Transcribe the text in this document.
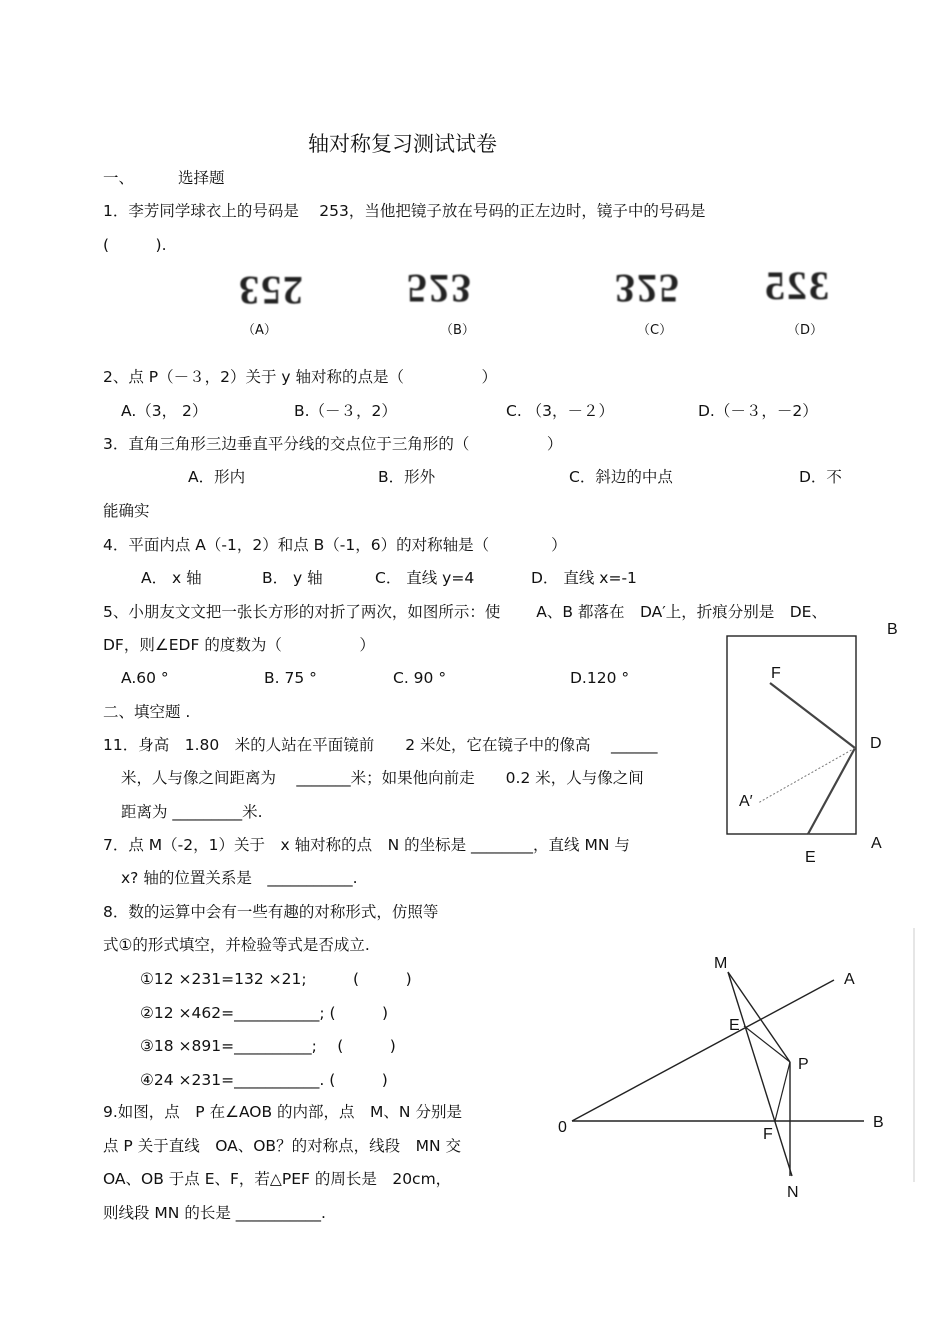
轴对称复习测试试卷
一、	选择题
1．李芳同学球衣上的号码是　 253，当他把镜子放在号码的正左边时，镜子中的号码是
(　　　).
253	523	325 325
（A）	（B）	（C）	（D）
2、点 P（－３，2）关于 y 轴对称的点是（　　　　　）
A.（3， 2）	B.（－３，2）	C. （3，－２）	D.（－３，－2）
3．直角三角形三边垂直平分线的交点位于三角形的（　　　　　）
A．形内	B．形外	C．斜边的中点	D．不
能确实
4．平面内点 A（-1，2）和点 B（-1，6）的对称轴是（　　　　）
A． x 轴	B． y 轴	C． 直线 y=4	D． 直线 x=-1
5、小朋友文文把一张长方形的对折了两次，如图所示：使　　 A、B 都落在　DA′上，折痕分别是　DE、
DF，则∠EDF 的度数为（　　　　　）
A.60 °	B. 75 °	C. 90 °	D.120 °
二、填空题 .
11．身高　1.80　米的人站在平面镜前　　2 米处，它在镜子中的像高　 ______
米，人与像之间距离为　 _______米；如果他向前走　　0.2 米，人与像之间
距离为 _________米.
7．点 M（-2，1）关于　x 轴对称的点　N 的坐标是 ________，直线 MN 与
x? 轴的位置关系是　___________.
8．数的运算中会有一些有趣的对称形式，仿照等
式①的形式填空，并检验等式是否成立.
①12 ×231=132 ×21;　　　(　　　)
②12 ×462=___________; (　　　)
③18 ×891=__________;　 (　　　)
④24 ×231=___________. (　　　)
9.如图，点　P 在∠AOB 的内部，点　M、N 分别是
点 P 关于直线　OA、OB？的对称点，线段　MN 交
OA、OB 于点 E、F，若△PEF 的周长是　20cm，
则线段 MN 的长是 ___________.
B
F
D
A′
A
E
M
A
E
P
0	B
F
N
